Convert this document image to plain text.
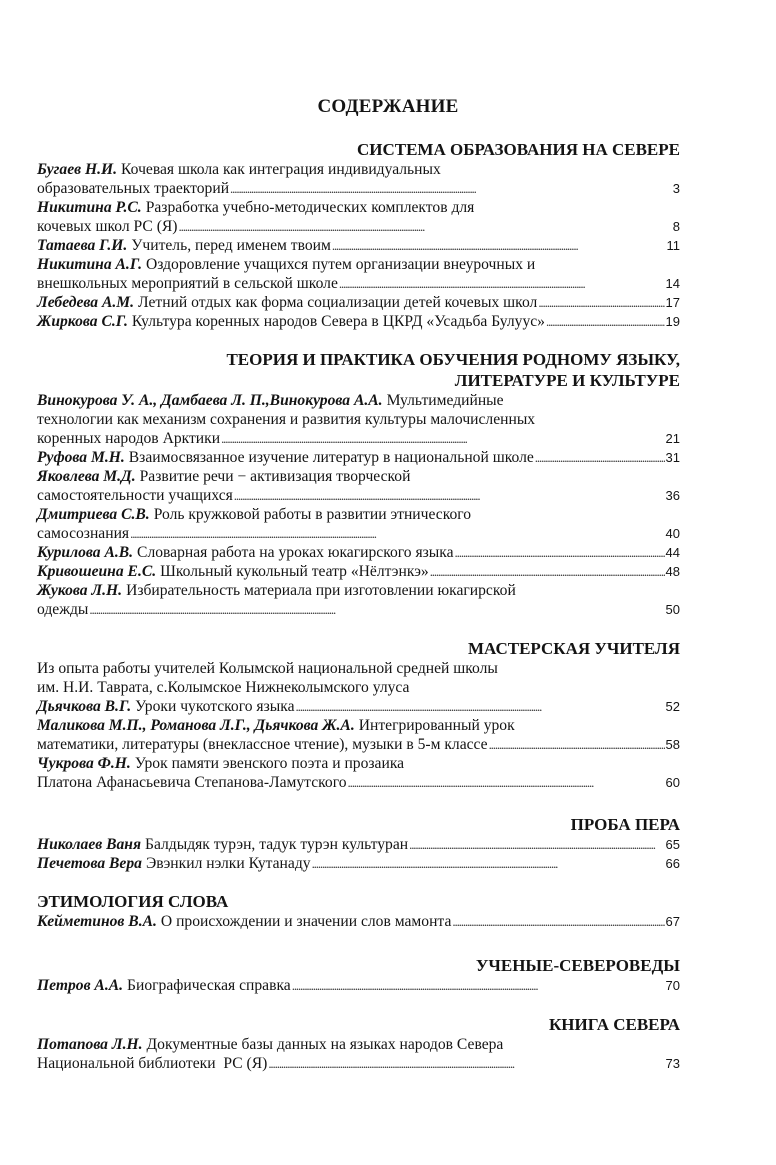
СОДЕРЖАНИЕ
СИСТЕМА ОБРАЗОВАНИЯ НА СЕВЕРЕ
Бугаев Н.И. Кочевая школа как интеграция индивидуальных
образовательных траекторий . . .	3
Никитина Р.С. Разработка учебно-методических комплектов для
кочевых школ РС (Я) . . .	8
Татаева Г.И. Учитель, перед именем твоим . . .	11
Никитина А.Г. Оздоровление учащихся путем организации внеурочных и
внешкольных мероприятий в сельской школе . . .	14
Лебедева А.М. Летний отдых как форма социализации детей кочевых школ . . .	17
Жиркова С.Г. Культура коренных народов Севера в ЦКРД «Усадьба Булуус» . . .	19
ТЕОРИЯ И ПРАКТИКА ОБУЧЕНИЯ РОДНОМУ ЯЗЫКУ,
ЛИТЕРАТУРЕ И КУЛЬТУРЕ
Винокурова У. А., Дамбаева Л. П.,Винокурова А.А. Мультимедийные
технологии как механизм сохранения и развития культуры малочисленных
коренных народов Арктики . . .	21
Руфова М.Н. Взаимосвязанное изучение литератур в национальной школе . . .	31
Яковлева М.Д. Развитие речи − активизация творческой
самостоятельности учащихся . . .	36
Дмитриева С.В. Роль кружковой работы в развитии этнического
самосознания . . .	40
Курилова А.В. Словарная работа на уроках юкагирского языка . . .	44
Кривошеина Е.С. Школьный кукольный театр «Нёлтэнкэ» . . .	48
Жукова Л.Н. Избирательность материала при изготовлении юкагирской
одежды . . .	50
МАСТЕРСКАЯ УЧИТЕЛЯ
Из опыта работы учителей Колымской национальной средней школы
им. Н.И. Таврата, с.Колымское Нижнеколымского улуса
Дьячкова В.Г. Уроки чукотского языка . . .	52
Маликова М.П., Романова Л.Г., Дьячкова Ж.А. Интегрированный урок
математики, литературы (внеклассное чтение), музыки в 5-м классе . . .	58
Чукрова Ф.Н. Урок памяти эвенского поэта и прозаика
Платона Афанасьевича Степанова-Ламутского . . .	60
ПРОБА ПЕРА
Николаев Ваня Балдыдяк турэн, тадук турэн культуран . . .	65
Печетова Вера Эвэнкил нэлки Кутанаду . . .	66
ЭТИМОЛОГИЯ СЛОВА
Кейметинов В.А. О происхождении и значении слов мамонта . . .	67
УЧЕНЫЕ-СЕВЕРОВЕДЫ
Петров А.А. Биографическая справка . . .	70
КНИГА СЕВЕРА
Потапова Л.Н. Документные базы данных на языках народов Севера
Национальной библиотеки  РС (Я) . . .	73
